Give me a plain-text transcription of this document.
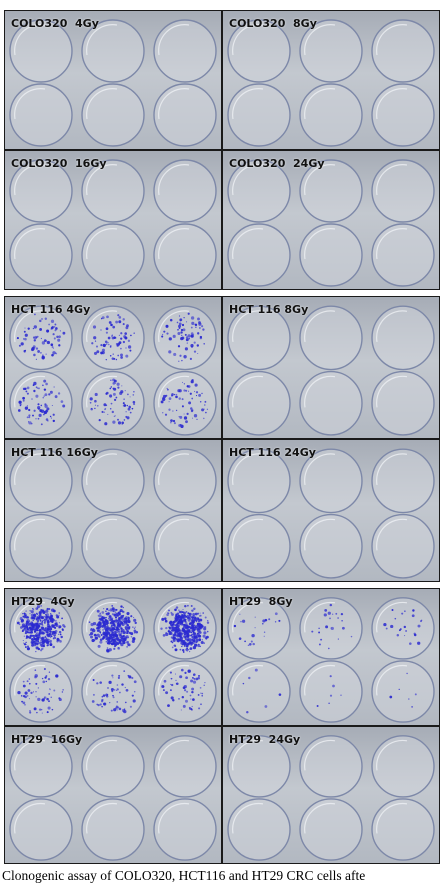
COLO320  4Gy	COLO320  8Gy
COLO320  16Gy	COLO320  24Gy
HCT 116 4Gy	HCT 116 8Gy
HCT 116 16Gy	HCT 116 24Gy
HT29  4Gy	HT29  8Gy
HT29  16Gy	HT29  24Gy
Clonogenic assay of COLO320, HCT116 and HT29 CRC cells afte
